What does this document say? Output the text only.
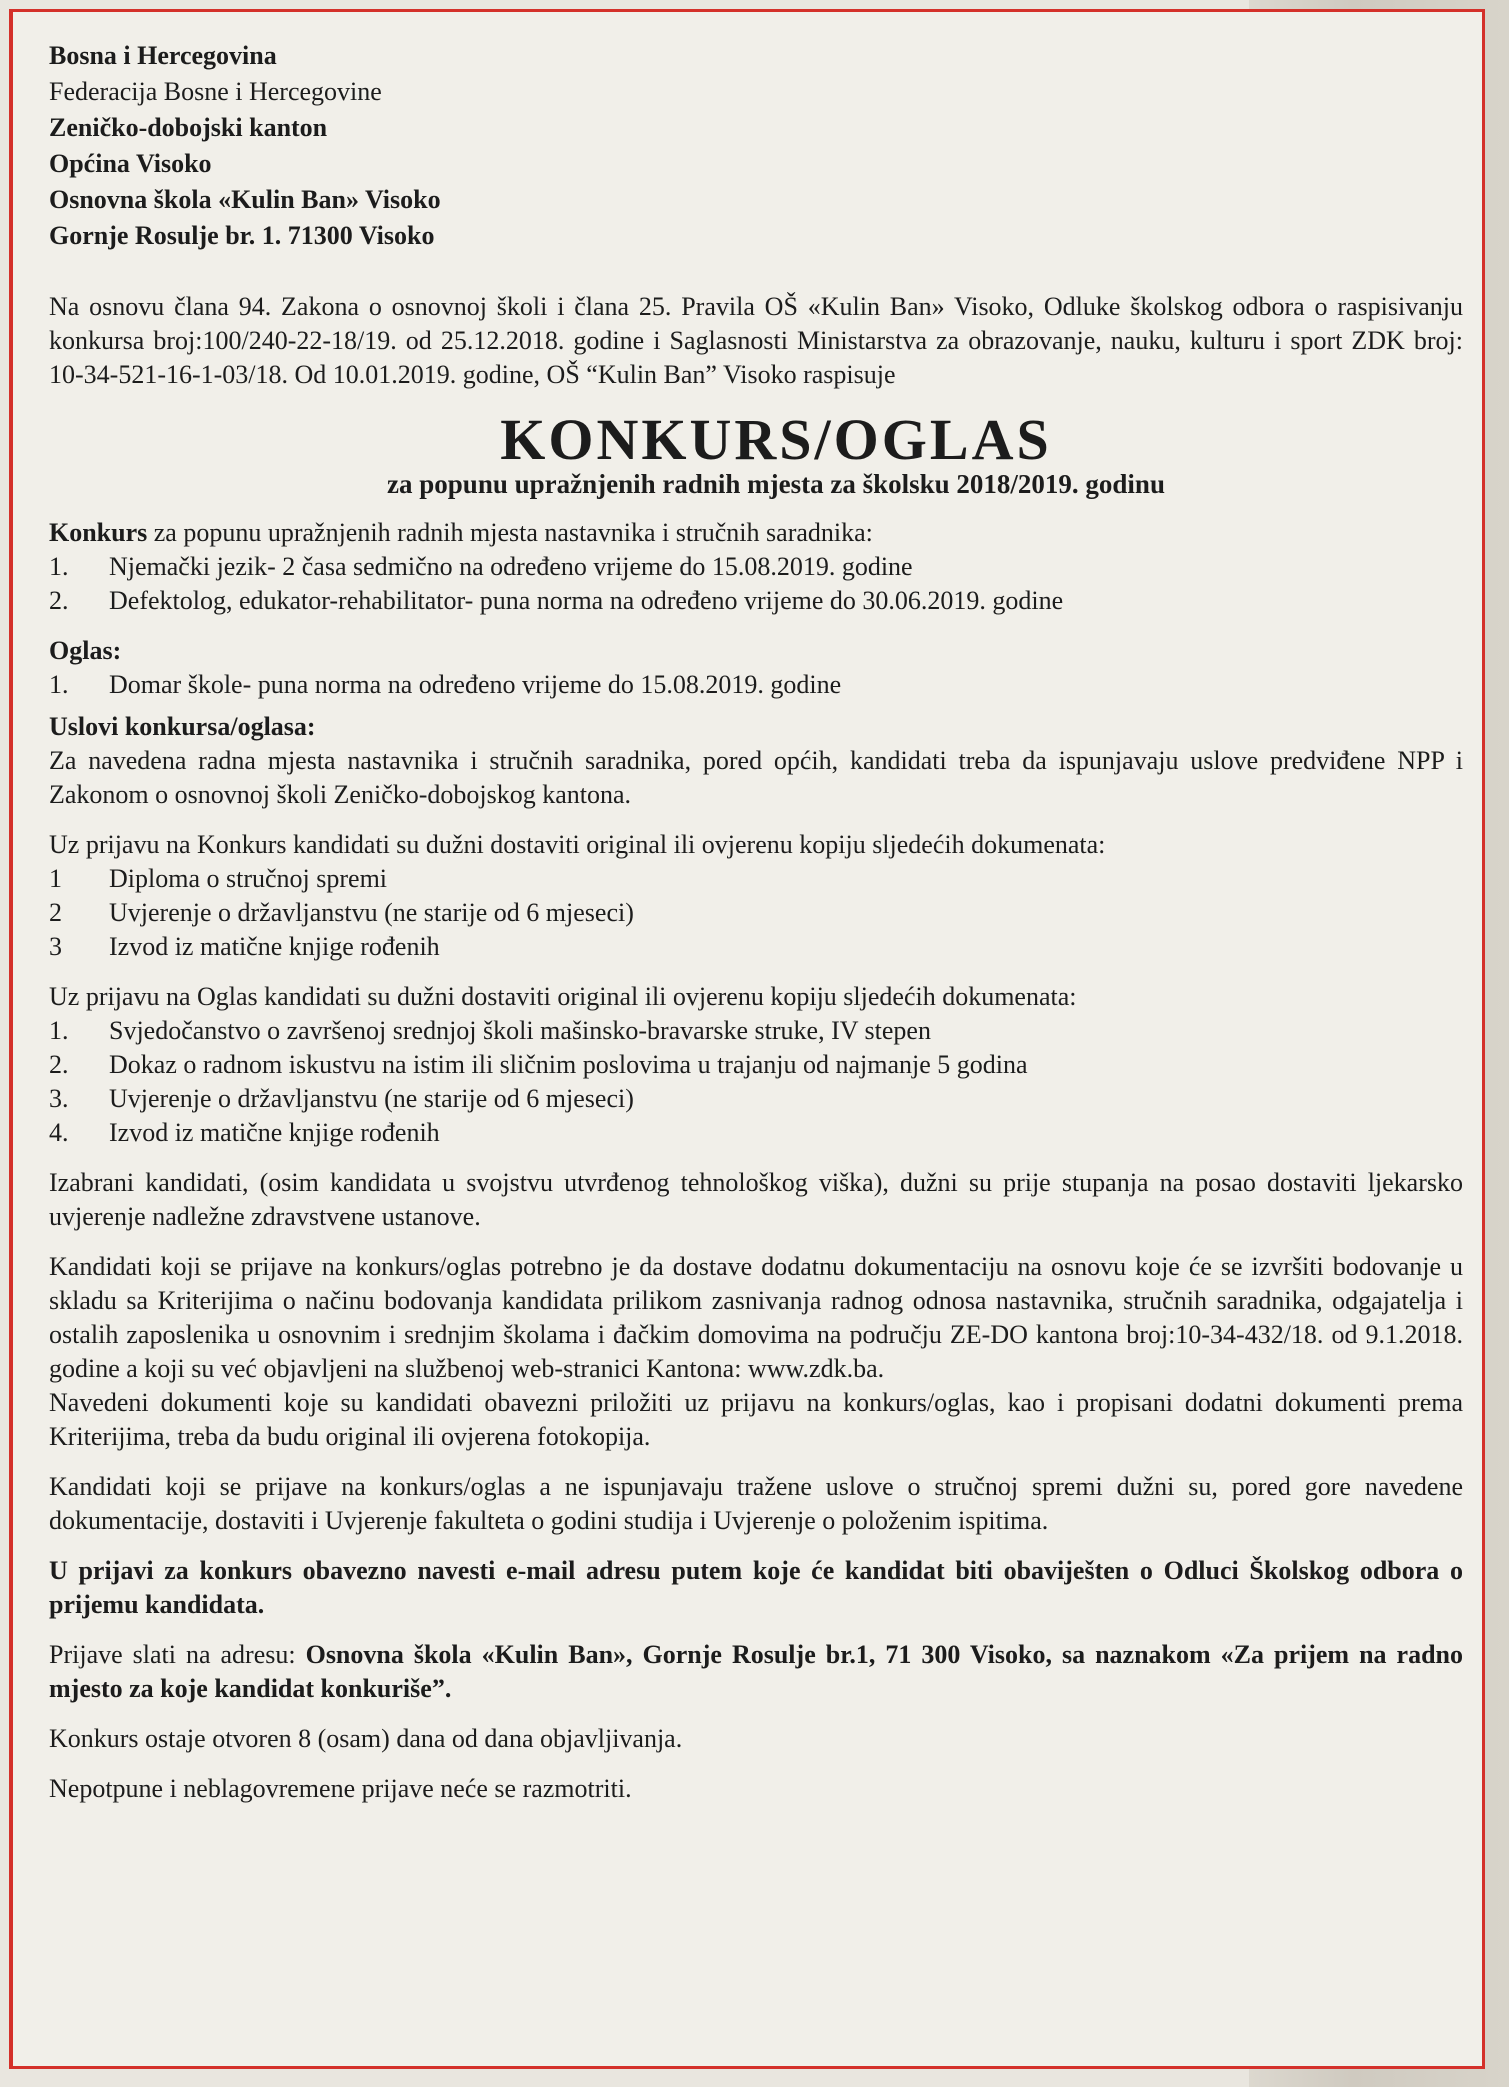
Bosna i Hercegovina
Federacija Bosne i Hercegovine
Zeničko-dobojski kanton
Općina Visoko
Osnovna škola «Kulin Ban» Visoko
Gornje Rosulje br. 1. 71300 Visoko

Na osnovu člana 94. Zakona o osnovnoj školi i člana 25. Pravila OŠ «Kulin Ban» Visoko, Odluke školskog odbora o raspisivanju konkursa broj:100/240-22-18/19. od 25.12.2018. godine i Saglasnosti Ministarstva za obrazovanje, nauku, kulturu i sport ZDK broj: 10-34-521-16-1-03/18. Od 10.01.2019. godine, OŠ “Kulin Ban” Visoko raspisuje

KONKURS/OGLAS
za popunu upražnjenih radnih mjesta za školsku 2018/2019. godinu

Konkurs za popunu upražnjenih radnih mjesta nastavnika i stručnih saradnika:

1. Njemački jezik- 2 časa sedmično na određeno vrijeme do 15.08.2019. godine
2. Defektolog, edukator-rehabilitator- puna norma na određeno vrijeme do 30.06.2019. godine

Oglas:

1. Domar škole- puna norma na određeno vrijeme do 15.08.2019. godine

Uslovi konkursa/oglasa:

Za navedena radna mjesta nastavnika i stručnih saradnika, pored općih, kandidati treba da ispunjavaju uslove predviđene NPP i Zakonom o osnovnoj školi Zeničko-dobojskog kantona.

Uz prijavu na Konkurs kandidati su dužni dostaviti original ili ovjerenu kopiju sljedećih dokumenata:

1 Diploma o stručnoj spremi
2 Uvjerenje o državljanstvu (ne starije od 6 mjeseci)
3 Izvod iz matične knjige rođenih

Uz prijavu na Oglas kandidati su dužni dostaviti original ili ovjerenu kopiju sljedećih dokumenata:

1. Svjedočanstvo o završenoj srednjoj školi mašinsko-bravarske struke, IV stepen
2. Dokaz o radnom iskustvu na istim ili sličnim poslovima u trajanju od najmanje 5 godina
3. Uvjerenje o državljanstvu (ne starije od 6 mjeseci)
4. Izvod iz matične knjige rođenih

Izabrani kandidati, (osim kandidata u svojstvu utvrđenog tehnološkog viška), dužni su prije stupanja na posao dostaviti ljekarsko uvjerenje nadležne zdravstvene ustanove.

Kandidati koji se prijave na konkurs/oglas potrebno je da dostave dodatnu dokumentaciju na osnovu koje će se izvršiti bodovanje u skladu sa Kriterijima o načinu bodovanja kandidata prilikom zasnivanja radnog odnosa nastavnika, stručnih saradnika, odgajatelja i ostalih zaposlenika u osnovnim i srednjim školama i đačkim domovima na području ZE-DO kantona broj:10-34-432/18. od 9.1.2018. godine a koji su već objavljeni na službenoj web-stranici Kantona: www.zdk.ba.

Navedeni dokumenti koje su kandidati obavezni priložiti uz prijavu na konkurs/oglas, kao i propisani dodatni dokumenti prema Kriterijima, treba da budu original ili ovjerena fotokopija.

Kandidati koji se prijave na konkurs/oglas a ne ispunjavaju tražene uslove o stručnoj spremi dužni su, pored gore navedene dokumentacije, dostaviti i Uvjerenje fakulteta o godini studija i Uvjerenje o položenim ispitima.

U prijavi za konkurs obavezno navesti e-mail adresu putem koje će kandidat biti obaviješten o Odluci Školskog odbora o prijemu kandidata.

Prijave slati na adresu: Osnovna škola «Kulin Ban», Gornje Rosulje br.1, 71 300 Visoko, sa naznakom «Za prijem na radno mjesto za koje kandidat konkuriše”.

Konkurs ostaje otvoren 8 (osam) dana od dana objavljivanja.

Nepotpune i neblagovremene prijave neće se razmotriti.
